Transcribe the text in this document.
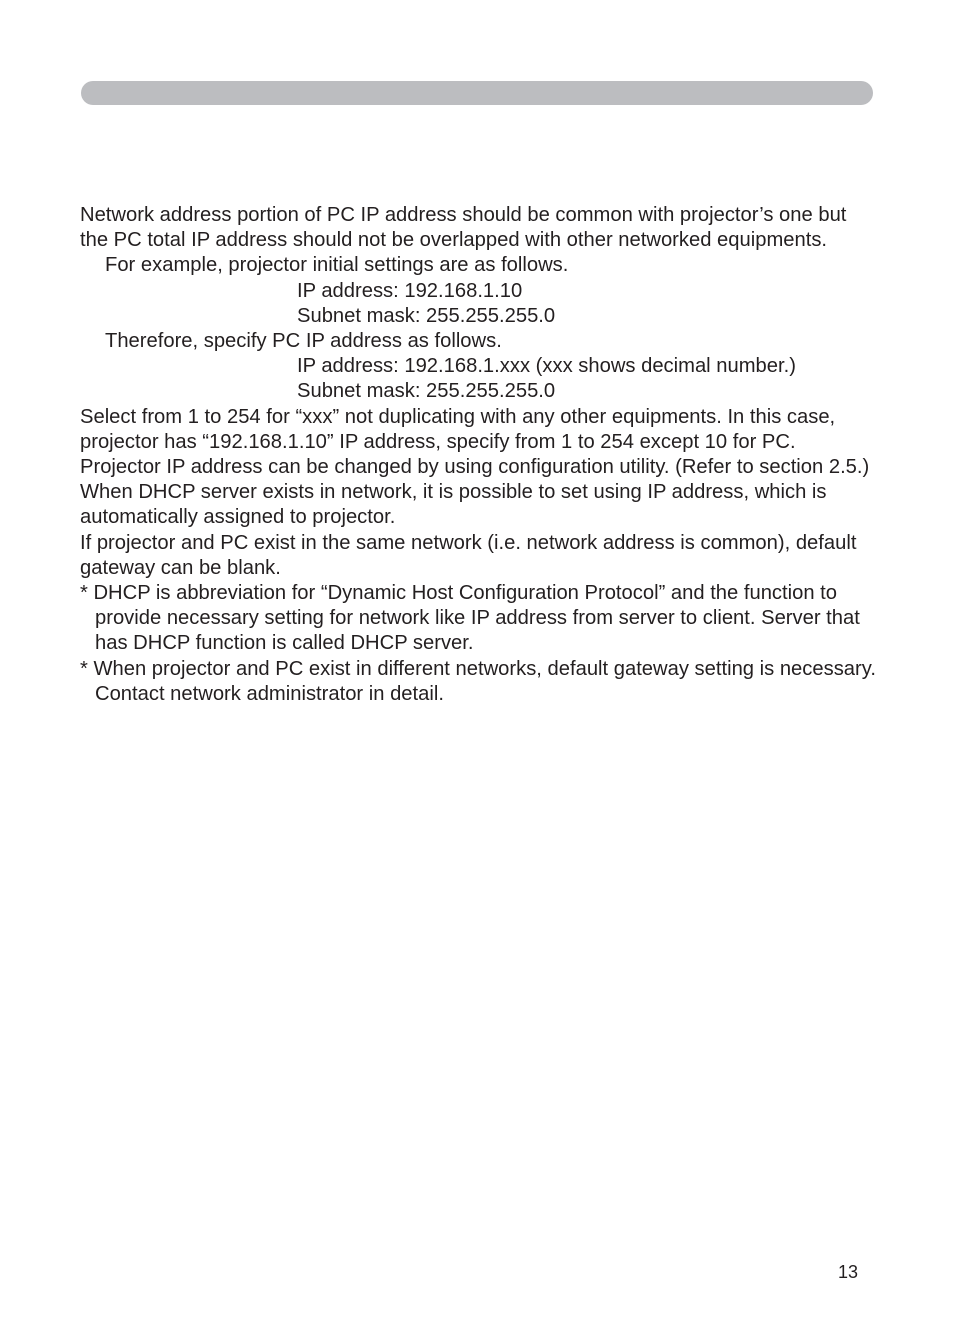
Network address portion of PC IP address should be common with projector’s one but the PC total IP address should not be overlapped with other networked equipments.

For example, projector initial settings are as follows.

IP address: 192.168.1.10

Subnet mask: 255.255.255.0

Therefore, specify PC IP address as follows.

IP address: 192.168.1.xxx (xxx shows decimal number.)

Subnet mask: 255.255.255.0

Select from 1 to 254 for “xxx” not duplicating with any other equipments. In this case, projector has “192.168.1.10” IP address, specify from 1 to 254 except 10 for PC.

Projector IP address can be changed by using configuration utility. (Refer to section 2.5.)

When DHCP server exists in network, it is possible to set using IP address, which is automatically assigned to projector.

If projector and PC exist in the same network (i.e. network address is common), default gateway can be blank.

* DHCP is abbreviation for “Dynamic Host Configuration Protocol” and the function to provide necessary setting for network like IP address from server to client. Server that has DHCP function is called DHCP server.

* When projector and PC exist in different networks, default gateway setting is necessary. Contact network administrator in detail.

13
